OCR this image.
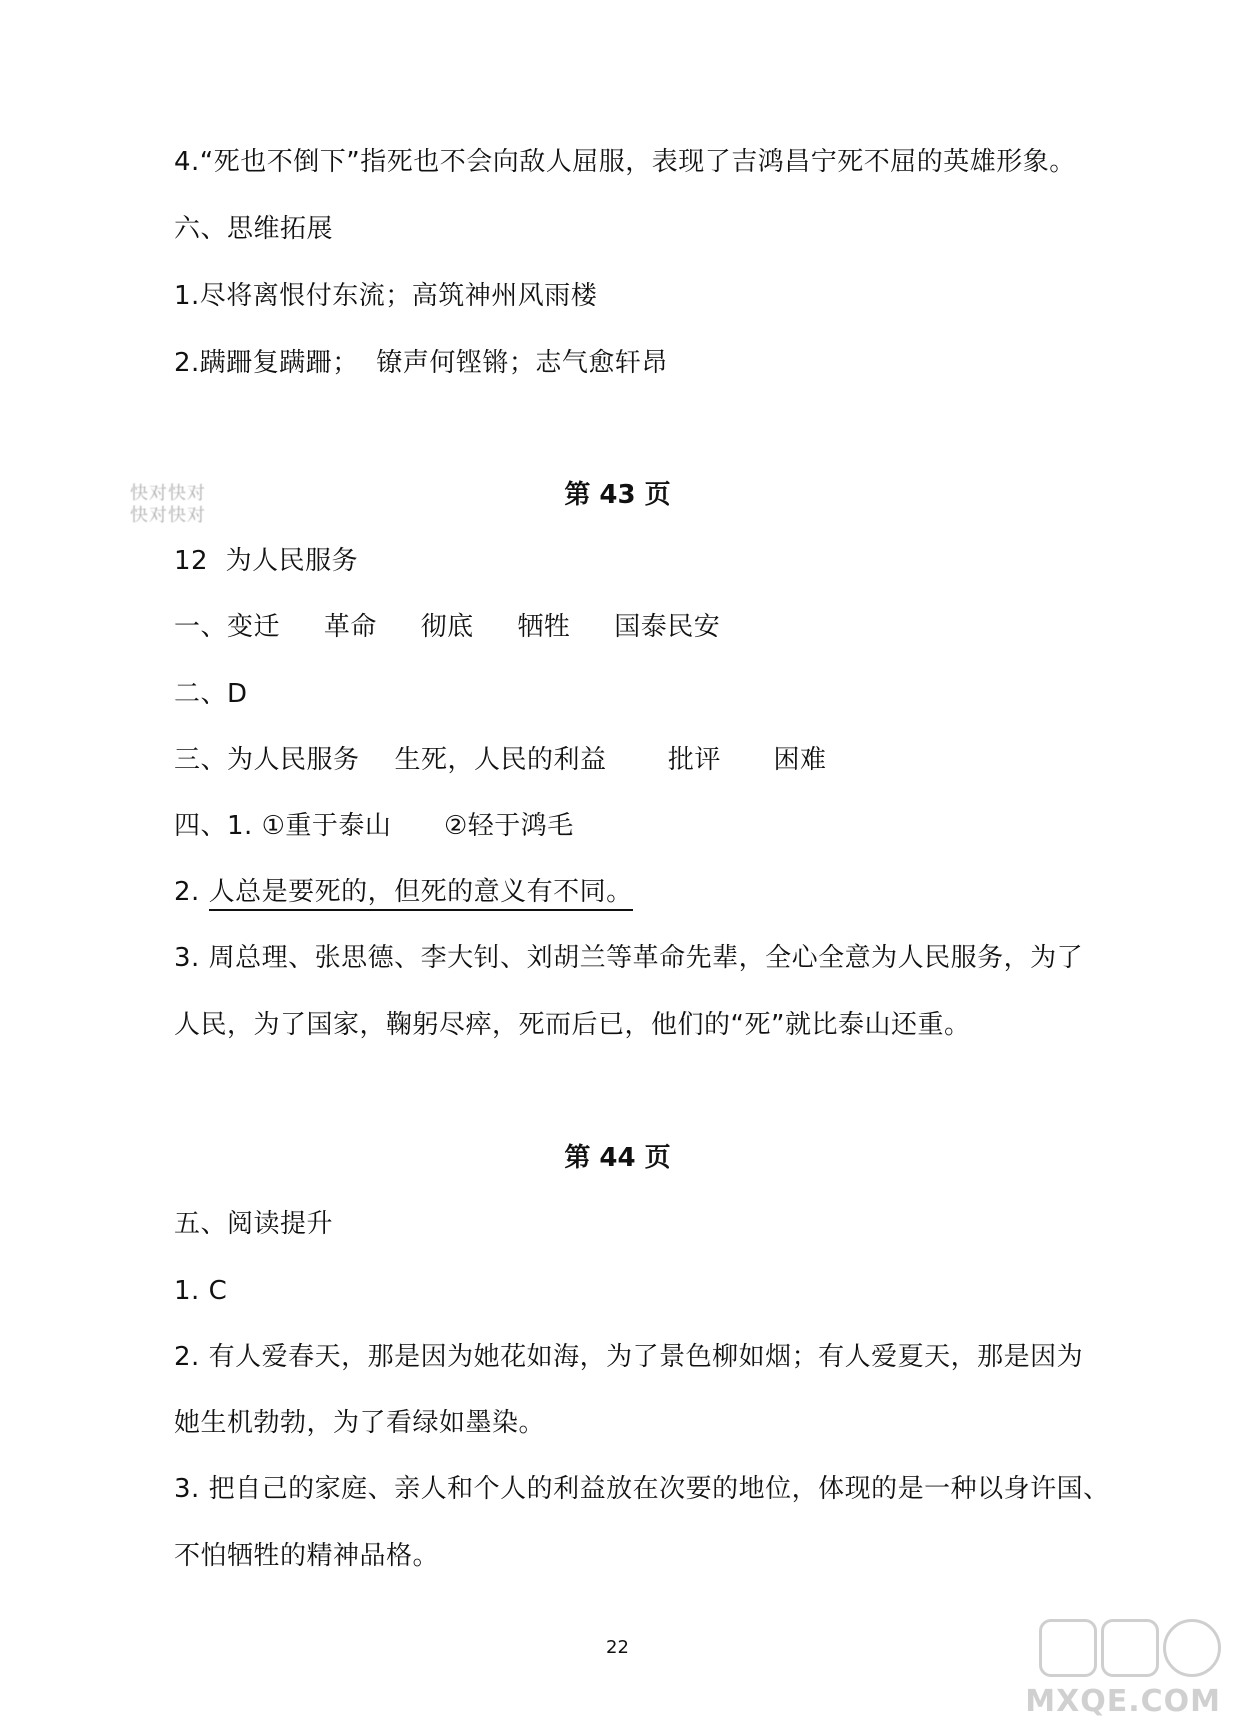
4.“死也不倒下”指死也不会向敌人屈服，表现了吉鸿昌宁死不屈的英雄形象。
六、思维拓展
1.尽将离恨付东流；高筑神州风雨楼
2.蹒跚复蹒跚；  镣声何铿锵；志气愈轩昂
快对快对
快对快对
第 43 页
12  为人民服务
一、变迁     革命     彻底     牺牲     国泰民安
二、D
三、为人民服务    生死，人民的利益       批评      困难
四、1. ①重于泰山 ②轻于鸿毛
2. 人总是要死的，但死的意义有不同。
3. 周总理、张思德、李大钊、刘胡兰等革命先辈，全心全意为人民服务，为了
人民，为了国家，鞠躬尽瘁，死而后已，他们的“死”就比泰山还重。
第 44 页
五、阅读提升
1. C
2. 有人爱春天，那是因为她花如海，为了景色柳如烟；有人爱夏天，那是因为
她生机勃勃，为了看绿如墨染。
3. 把自己的家庭、亲人和个人的利益放在次要的地位，体现的是一种以身许国、
不怕牺牲的精神品格。
22
MXQE.COM
